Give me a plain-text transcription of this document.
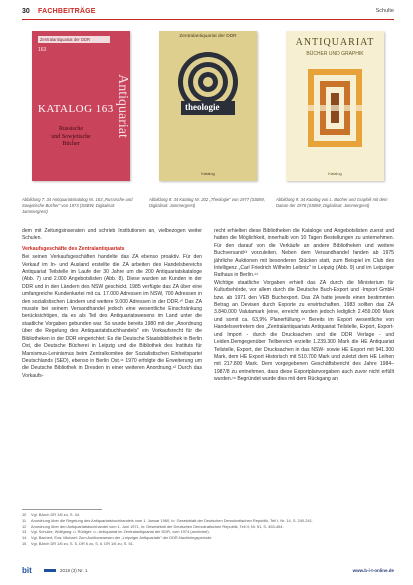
30 FACHBEITRÄGE	Schulte
Zentralantiquariat der DDR
163
Antiquariat
KATALOG 163
Russische
und Sowjetische
Bücher
Abbildung 7: 34 Antiquariatskatalog Nr. 163 „Russische und Sowjetische Bücher" von 1973 (SSBW, Digitalisat: Jammergrest)
Zentralantiquariat der DDR
theologie
Katalog
Abbildung 8: 34 Katalog Nr. 202 „Theologie" von 1977 (SSBW, Digitalisat: Jammergrest)
ANTIQUARIAT
BÜCHER UND GRAPHIK
Katalog
Abbildung 9: 34 Katalog von L. Bücher und Graphik mit dem Datum der 1978 (SSBW, Digitalisat: Jammergrest)
dem mit Zeitungsinseraten und schrieb Institutionen an, vielbezogen weiter Schulen.
Verkaufsgeschäfte des Zentralantiquariats
Bei seinen Verkaufsgeschäften handelte das ZA ebenso proaktiv. Für den Verkauf im In- und Ausland erstellte die ZA arbeiten des Handelsbereichs Antiquariat Teilstelle im Laufe der 30 Jahre um die 200 Antiquariatskataloge (Abb. 7) und 2.000 Angebotslisten (Abb. 8). Diese wurden an Kunden in der DDR und in den Ländern des NSW geschickt. 1985 verfügte das ZA über eine umfangreiche Kundenkartei mit ca. 17.000 Adressen im NSW, 700 Adressen in den sozialistischen Ländern und weitere 9.000 Adressen in der DDR.¹⁰ Das ZA musste bei seinem Versandhandel jedoch eine wesentliche Einschränkung berücksichtigen, da es als Teil des Antiquariatswesens im Land unter die staatliche Vorgaben gebunden war. So wurde bereits 1980 mit der „Anordnung über die Regelung des Antiquariatsbuchhandels" ein Vorkaufsrecht für die Bibliotheken in der DDR eingerichtet: Es die Deutsche Staatsbibliothek in Berlin Ost, die Deutsche Bücherei in Leipzig und die Bibliothek des Instituts für Marxismus-Leninismus beim Zentralkomitee der Sozialistischen Einheitspartei Deutschlands (SED), ebenso in Berlin Ost.¹¹ 1970 erfolgte die Erweiterung um die Deutsche Bibliothek in Dresden in einer weiteren Anordnung.¹² Durch das Vorkaufs-
recht erhielten diese Bibliotheken die Kataloge und Angebotslisten zuerst und hatten die Möglichkeit, innerhalb von 10 Tagen Bestellungen zu unternehmen. Für den darauf von die Verkäufe an andere Bibliotheken und weitere Buchversand¹³ vorzuleiten. Neben dem Versandhandel fanden ab 1975 jährliche Auktionen mit besonderen Stücken statt, zum Beispiel im Club des Intelligenz „Carl Friedrich Wilhelm Leibniz" in Leipzig (Abb. 9) und im Leipziger Rathaus in Berlin.¹⁴
Wichtige staatliche Vorgaben erhielt das ZA durch die Ministerium für Kulturbehörde, vor allem durch die Deutsche Buch-Export und -Import GmbH bzw. ab 1971 den VEB Buchexport. Das ZA hatte jeweils einen bestimmten Betrag an Devisen durch Exporte zu erwirtschaften. 1983 sollten das ZA 3.840.000 Valutamark (eine, erreicht wurden jedoch lediglich 2.459.000 Mark und somit ca. 63,9% Planerfüllung.¹⁵ Bereits im Export wesentliche von Handelsvertretern des „Zentralantiquariats Antiquariat Teilstelle, Export, Export- und Import - durch die Drucksachen und die DDR Verlage - und Leiden.Demgegenüber Teilbereich erzielte 1.239.300 Mark die HE Antiquariat Teilstelle, Export, der Drucksachen in das NSW- sowie HE Export mit 941.300 Mark, dem HE Export Historisch mit 510.700 Mark und zuletzt dem HE Leihen mit 217.800 Mark. Dem vorgegebenen Geschäftsbericht des Jahre 1984–1987/8 zu entnehmen, dass diese Exportplanvorgaben auch zuvor nicht erfüllt wurden.¹⁶ Begründet wurde dies mit dem Rückgang an
10 Vgl. BArch DR 1/6 zu, S. 44.
11 Anordnung über die Regelung des Antiquariatsbuchhandels vom 1. Januar 1960, in: Gesetzblatt der Deutschen Demokratischen Republik, Teil I, Nr. 14, S. 240-241.
12 Anordnung über den Antiquariatsbuchhandel vom 1. Juni 1971, in: Gesetzblatt der Deutschen Demokratischen Republik, Teil II, Nr. 51, S. 453-454.
13 Vgl. Schulze, Wolfgang: u. Rüdiger: u.: Antiquariat im Zentralantiquariat der DDR, vom 1974 (archiviert).
14 Vgl. Bachert, Eva: Michael: Zum Auktionswesen der „Leipziger Antiquariate" der DDR-Nachkriegsperiode.
15 Vgl. BArch DR 1/6 zu, S. 5, DR 6 zu, S. 6, DR 1/6 zu, S. 51.
bit	2018 (3) Nr. 1	www.b-i-t-online.de
